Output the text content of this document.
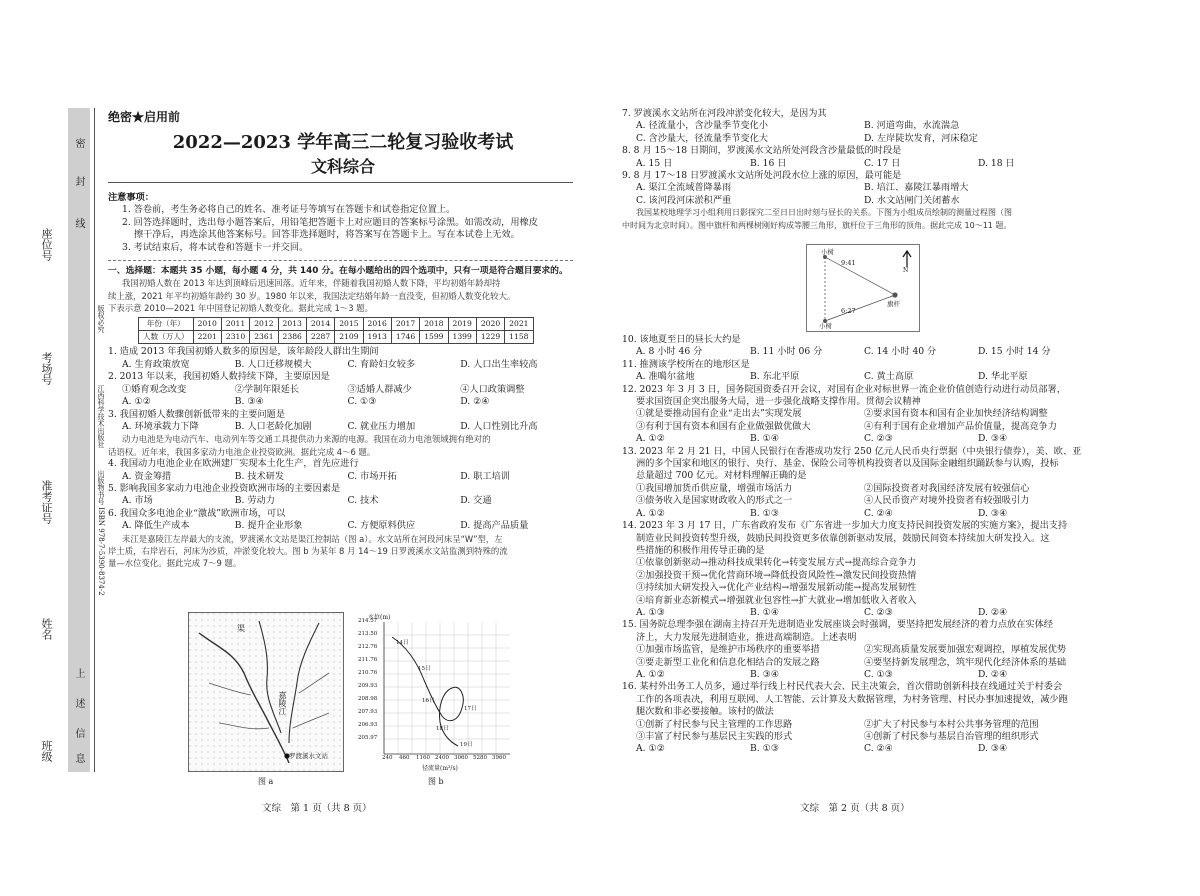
密
封
线
上
述
信
息
座位号
考场号
准考证号
姓名
班级
版权必究
江西科学技术出版社
出版物书号 ISBN 978-7-5390-8374-2
绝密★启用前
2022—2023 学年高三二轮复习验收考试
文科综合
注意事项：
1. 答卷前，考生务必将自己的姓名、准考证号等填写在答题卡和试卷指定位置上。
2. 回答选择题时，选出每小题答案后，用铅笔把答题卡上对应题目的答案标号涂黑。如需改动，用橡皮
擦干净后，再选涂其他答案标号。回答非选择题时，将答案写在答题卡上。写在本试卷上无效。
3. 考试结束后，将本试卷和答题卡一并交回。
一、选择题：本题共 35 小题，每小题 4 分，共 140 分。在每小题给出的四个选项中，只有一项是符合题目要求的。
我国初婚人数在 2013 年达到顶峰后迅速回落。近年来，伴随着我国初婚人数下降，平均初婚年龄却持
续上涨，2021 年平均初婚年龄约 30 岁。1980 年以来，我国法定结婚年龄一直没变，但初婚人数变化较大。
下表示意 2010—2021 年中国登记初婚人数变化。据此完成 1～3 题。
年份（年）	2010	2011	2012	2013	2014	2015	2016	2017	2018	2019	2020	2021
人数（万人）	2201	2310	2361	2386	2287	2109	1913	1746	1599	1399	1229	1158
1. 造成 2013 年我国初婚人数多的原因是，该年龄段人群出生期间
A. 生育政策放宽	B. 人口迁移规模大	C. 育龄妇女较多	D. 人口出生率较高
2. 2013 年以来，我国初婚人数持续下降，主要原因是
①婚育观念改变	②学制年限延长	③适婚人群减少	④人口政策调整
A. ①②	B. ③④	C. ①③	D. ②④
3. 我国初婚人数骤创新低带来的主要问题是
A. 环境承载力下降	B. 人口老龄化加剧	C. 就业压力增加	D. 人口性别比升高
动力电池是为电动汽车、电动列车等交通工具提供动力来源的电源。我国在动力电池领域拥有绝对的
话语权。近年来，我国多家动力电池企业投资欧洲。据此完成 4～6 题。
4. 我国动力电池企业在欧洲建厂实现本土化生产，首先应进行
A. 资金筹措	B. 技术研发	C. 市场开拓	D. 职工培训
5. 影响我国多家动力电池企业投资欧洲市场的主要因素是
A. 市场	B. 劳动力	C. 技术	D. 交通
6. 我国众多电池企业“激战”欧洲市场，可以
A. 降低生产成本	B. 提升企业形象	C. 方便原料供应	D. 提高产品质量
耒江是嘉陵江左岸最大的支流，罗渡溪水文站是渠江控制站（图 a）。水文站所在河段河床呈“W”型，左
岸土质，右岸岩石，河床为沙质，冲淤变化较大。图 b 为某年 8 月 14～19 日罗渡溪水文站监测到特殊的流
量—水位变化。据此完成 7～9 题。
渠
嘉陵江
罗渡溪水文站
图 a
水位(m)
214.57
213.50
212.76
211.76
210.76
209.93
208.98
207.93
206.93
205.97
240 460 1160 2400 3060 5280 3960
径流量(m³/s)
14日
15日
16日
17日
18日
19日
图 b
文综　第 1 页（共 8 页）
7. 罗渡溪水文站所在河段冲淤变化较大，是因为其
A. 径流量小，含沙量季节变化小	B. 河道弯曲，水流湍急
C. 含沙量大，径流量季节变化大	D. 左岸陡坎发育，河床稳定
8. 8 月 15～18 日期间，罗渡溪水文站所处河段含沙量最低的时段是
A. 15 日	B. 16 日	C. 17 日	D. 18 日
9. 8 月 17～18 日罗渡溪水文站所处河段水位上涨的原因，最可能是
A. 渠江全流域普降暴雨	B. 培江、嘉陵江暴雨增大
C. 该河段河床淤积严重	D. 水文站闸门关闭蓄水
我国某校地理学习小组利用日影探究二至日日出时刻与昼长的关系。下图为小组成员绘制的测量过程图（图
中时间为北京时间）。图中旗杆和两棵树刚好构成等腰三角形，旗杆位于三角形的顶角。据此完成 10～11 题。
小树
小树
旗杆
9:41
6:27
N
10. 该地夏至日的昼长大约是
A. 8 小时 46 分	B. 11 小时 06 分	C. 14 小时 40 分	D. 15 小时 14 分
11. 推测该学校所在的地形区是
A. 准噶尔盆地	B. 东北平原	C. 黄土高原	D. 华北平原
12. 2023 年 3 月 3 日，国务院国资委召开会议，对国有企业对标世界一流企业价值创造行动进行动员部署，
要求国资国企突出服务大局，进一步强化战略支撑作用。贯彻会议精神
①就是要推动国有企业“走出去”实现发展	②要求国有资本和国有企业加快经济结构调整
③有利于国有资本和国有企业做强做优做大	④有利于国有企业增加产品价值量，提高竞争力
A. ①②	B. ①④	C. ②③	D. ③④
13. 2023 年 2 月 21 日，中国人民银行在香港成功发行 250 亿元人民币央行票据（中央银行债券），美、欧、亚
洲的多个国家和地区的银行、央行、基金、保险公司等机构投资者以及国际金融组织踊跃参与认购，投标
总量超过 700 亿元。对材料理解正确的是
①我国增加货币供应量，增强市场活力	②国际投资者对我国经济发展有较强信心
③债务收入是国家财政收入的形式之一	④人民币资产对境外投资者有较强吸引力
A. ①②	B. ①③	C. ②④	D. ③④
14. 2023 年 3 月 17 日，广东省政府发布《广东省进一步加大力度支持民间投资发展的实施方案》，提出支持
制造业民间投资转型升级，鼓励民间投资更多依靠创新驱动发展，鼓励民间资本持续加大研发投入。这
些措施的积极作用传导正确的是
①依靠创新驱动→推动科技成果转化→转变发展方式→提高综合竞争力
②加强投资干预→优化营商环境→降低投资风险性→激发民间投资热情
③持续加大研发投入→优化产业结构→增强发展新动能→提高发展韧性
④培育新业态新模式→增强就业包容性→扩大就业→增加低收入者收入
A. ①③	B. ①④	C. ②③	D. ②④
15. 国务院总理李强在湖南主持召开先进制造业发展座谈会时强调，要坚持把发展经济的着力点放在实体经
济上，大力发展先进制造业，推进高端制造。上述表明
①加强市场监管，是维护市场秩序的重要举措	②实现高质量发展要加强宏观调控，厚植发展优势
③要走新型工业化和信息化相结合的发展之路	④要坚持新发展理念，筑牢现代化经济体系的基础
A. ①②	B. ③④	C. ①③	D. ②④
16. 某村外出务工人员多，通过举行线上村民代表大会、民主决策会，首次借助创新科技在线通过关于村委会
工作的各项表决，利用互联网、人工智能、云计算及大数据管理，为村务管理、村民办事加速提效，减少跑
腿次数和非必要接触。该村的做法
①创新了村民参与民主管理的工作思路	②扩大了村民参与本村公共事务管理的范围
③丰富了村民参与基层民主实践的形式	④创新了村民参与基层自治管理的组织形式
A. ①②	B. ①③	C. ②④	D. ③④
文综　第 2 页（共 8 页）
